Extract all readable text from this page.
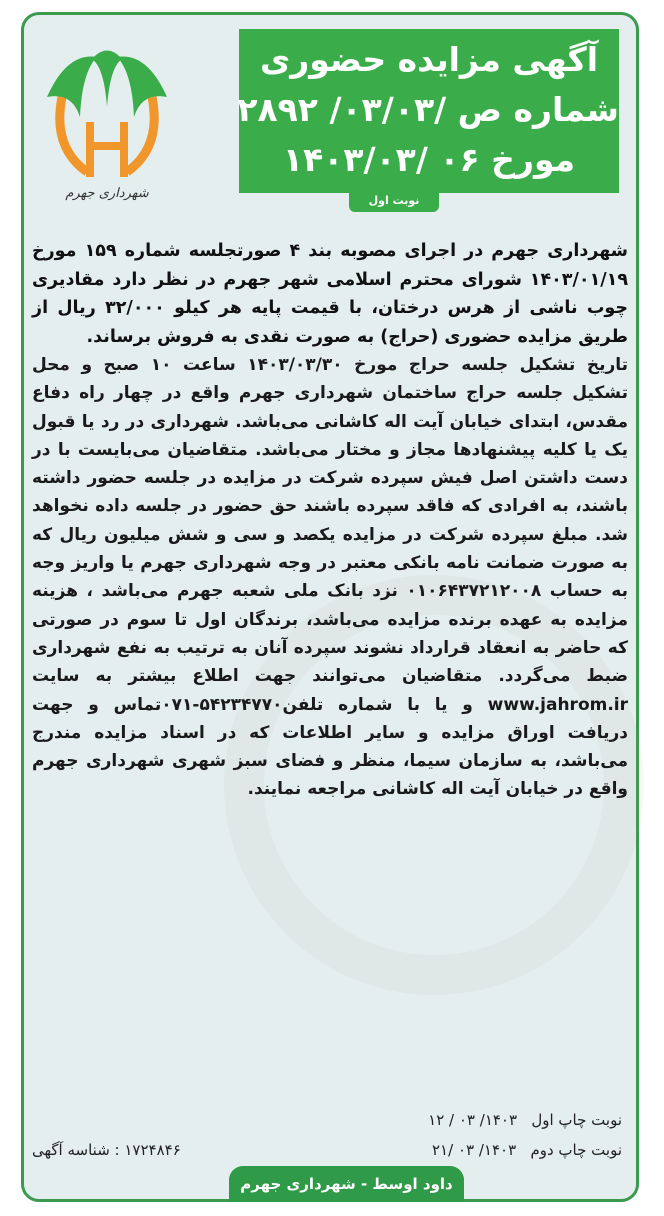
شهرداری جهرم
آگهی مزایده حضوری
شماره ص /۰۳/۰۳/ ۲۸۹۲
مورخ ۰۶ /۱۴۰۳/۰۳
نوبت اول

شهرداری جهرم در اجرای مصوبه بند ۴ صورتجلسه شماره ۱۵۹ مورخ ۱۴۰۳/۰۱/۱۹ شورای محترم اسلامی شهر جهرم در نظر دارد مقادیری چوب ناشی از هرس درختان، با قیمت پایه هر کیلو ۳۲/۰۰۰ ریال از طریق مزایده حضوری (حراج) به صورت نقدی به فروش برساند.

تاریخ تشکیل جلسه حراج مورخ ۱۴۰۳/۰۳/۳۰ ساعت ۱۰ صبح و محل تشکیل جلسه حراج ساختمان شهرداری جهرم واقع در چهار راه دفاع مقدس، ابتدای خیابان آیت اله کاشانی می‌باشد. شهرداری در رد یا قبول یک یا کلیه پیشنهادها مجاز و مختار می‌باشد. متقاضیان می‌بایست با در دست داشتن اصل فیش سپرده شرکت در مزایده در جلسه حضور داشته باشند، به افرادی که فاقد سپرده باشند حق حضور در جلسه داده نخواهد شد. مبلغ سپرده شرکت در مزایده یکصد و سی و شش میلیون ریال که به صورت ضمانت نامه بانکی معتبر در وجه شهرداری جهرم یا واریز وجه به حساب ۰۱۰۶۴۳۷۲۱۲۰۰۸ نزد بانک ملی شعبه جهرم می‌باشد ، هزینه مزایده به عهده برنده مزایده می‌باشد، برندگان اول تا سوم در صورتی که حاضر به انعقاد قرارداد نشوند سپرده آنان به ترتیب به نفع شهرداری ضبط می‌گردد. متقاضیان می‌توانند جهت اطلاع بیشتر به سایت www.jahrom.ir و یا با شماره تلفن۵۴۲۳۴۷۷۰-۰۷۱تماس و جهت دریافت اوراق مزایده و سایر اطلاعات که در اسناد مزایده مندرج می‌باشد، به سازمان سیما، منظر و فضای سبز شهری شهرداری جهرم واقع در خیابان آیت اله کاشانی مراجعه نمایند.

نوبت چاپ اول   ۱۴۰۳/ ۰۳ / ۱۲
نوبت چاپ دوم   ۱۴۰۳/ ۰۳ /۲۱
۱۷۲۴۸۴۶ : شناسه آگهی
داود اوسط - شهرداری جهرم
